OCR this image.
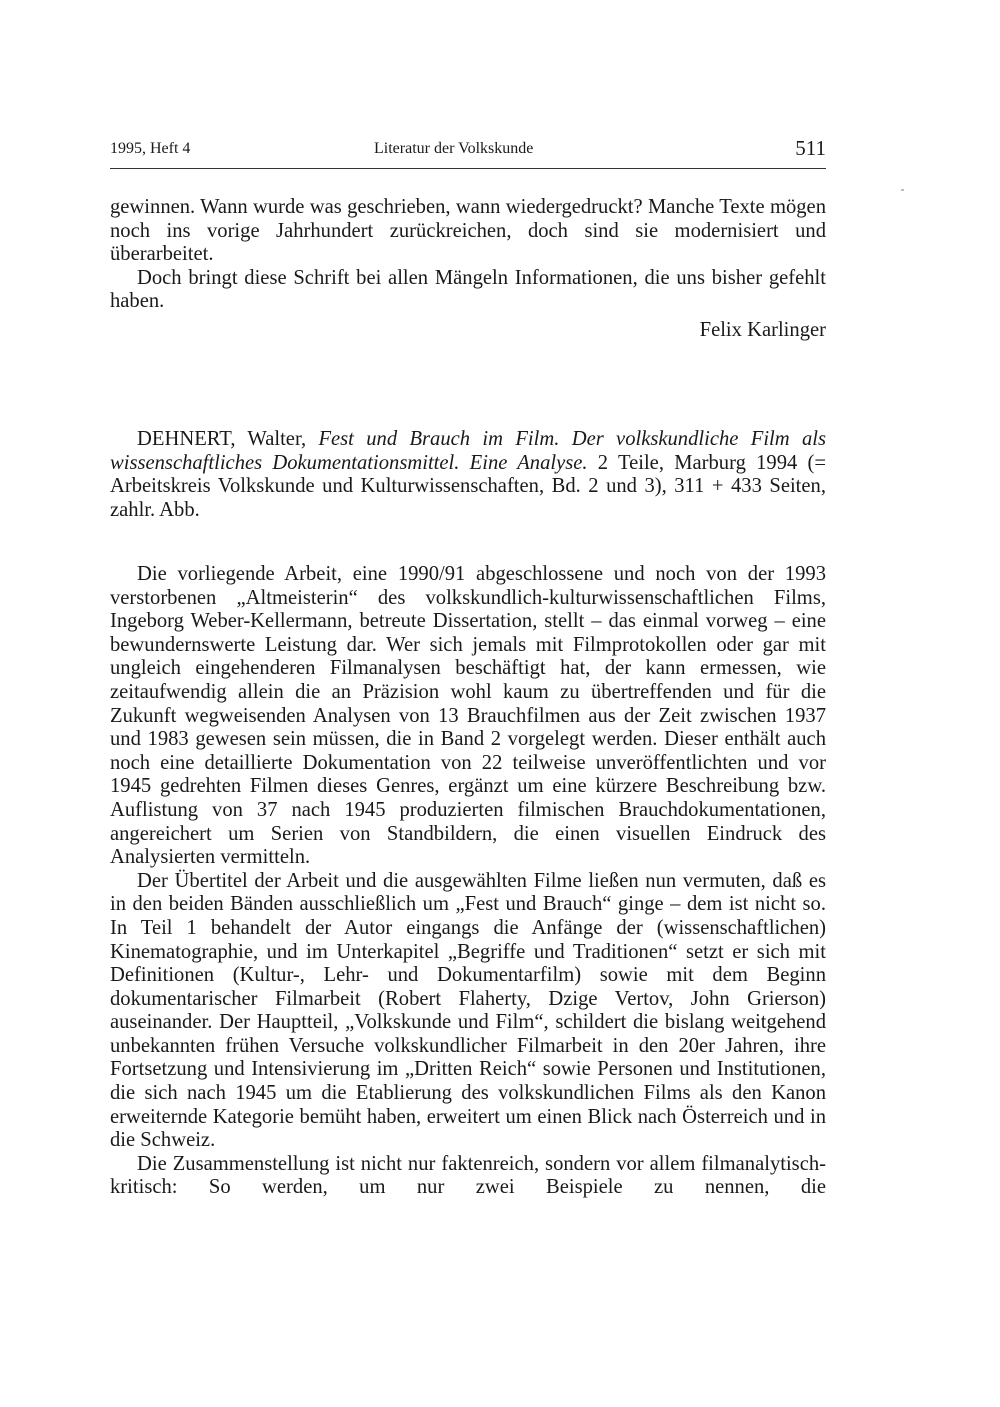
1995, Heft 4	Literatur der Volkskunde	511

gewinnen. Wann wurde was geschrieben, wann wiedergedruckt? Manche Texte mögen noch ins vorige Jahrhundert zurückreichen, doch sind sie modernisiert und überarbeitet.

Doch bringt diese Schrift bei allen Mängeln Informationen, die uns bisher gefehlt haben.

Felix Karlinger

DEHNERT, Walter, Fest und Brauch im Film. Der volkskundliche Film als wissenschaftliches Dokumentationsmittel. Eine Analyse. 2 Teile, Marburg 1994 (= Arbeitskreis Volkskunde und Kulturwissenschaften, Bd. 2 und 3), 311 + 433 Seiten, zahlr. Abb.

Die vorliegende Arbeit, eine 1990/91 abgeschlossene und noch von der 1993 verstorbenen „Altmeisterin“ des volkskundlich-kulturwissenschaftlichen Films, Ingeborg Weber-Kellermann, betreute Dissertation, stellt – das einmal vorweg – eine bewundernswerte Leistung dar. Wer sich jemals mit Filmprotokollen oder gar mit ungleich eingehenderen Filmanalysen beschäftigt hat, der kann ermessen, wie zeitaufwendig allein die an Präzision wohl kaum zu übertreffenden und für die Zukunft wegweisenden Analysen von 13 Brauchfilmen aus der Zeit zwischen 1937 und 1983 gewesen sein müssen, die in Band 2 vorgelegt werden. Dieser enthält auch noch eine detaillierte Dokumentation von 22 teilweise unveröffentlichten und vor 1945 gedrehten Filmen dieses Genres, ergänzt um eine kürzere Beschreibung bzw. Auflistung von 37 nach 1945 produzierten filmischen Brauchdokumentationen, angereichert um Serien von Standbildern, die einen visuellen Eindruck des Analysierten vermitteln.

Der Übertitel der Arbeit und die ausgewählten Filme ließen nun vermuten, daß es in den beiden Bänden ausschließlich um „Fest und Brauch“ ginge – dem ist nicht so. In Teil 1 behandelt der Autor eingangs die Anfänge der (wissenschaftlichen) Kinematographie, und im Unterkapitel „Begriffe und Traditionen“ setzt er sich mit Definitionen (Kultur-, Lehr- und Dokumentarfilm) sowie mit dem Beginn dokumentarischer Filmarbeit (Robert Flaherty, Dzige Vertov, John Grierson) auseinander. Der Hauptteil, „Volkskunde und Film“, schildert die bislang weitgehend unbekannten frühen Versuche volkskundlicher Filmarbeit in den 20er Jahren, ihre Fortsetzung und Intensivierung im „Dritten Reich“ sowie Personen und Institutionen, die sich nach 1945 um die Etablierung des volkskundlichen Films als den Kanon erweiternde Kategorie bemüht haben, erweitert um einen Blick nach Österreich und in die Schweiz.

Die Zusammenstellung ist nicht nur faktenreich, sondern vor allem filmanalytisch-kritisch: So werden, um nur zwei Beispiele zu nennen, die
